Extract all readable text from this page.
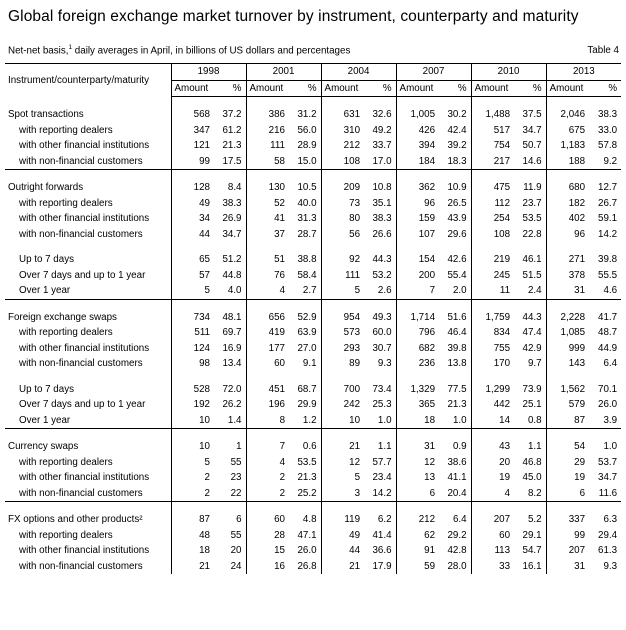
Global foreign exchange market turnover by instrument, counterparty and maturity
Net-net basis,$^1$ daily averages in April, in billions of US dollars and percentages	Table 4
Instrument/counterparty/maturity	1998		2001		2004		2007		2010		2013	
	Amount	%	Amount	%	Amount	%	Amount	%	Amount	%	Amount	%

Spot transactions	568	37.2	386	31.2	631	32.6	1,005	30.2	1,488	37.5	2,046	38.3
with reporting dealers	347	61.2	216	56.0	310	49.2	426	42.4	517	34.7	675	33.0
with other financial institutions	121	21.3	111	28.9	212	33.7	394	39.2	754	50.7	1,183	57.8
with non-financial customers	99	17.5	58	15.0	108	17.0	184	18.3	217	14.6	188	9.2

Outright forwards	128	8.4	130	10.5	209	10.8	362	10.9	475	11.9	680	12.7
with reporting dealers	49	38.3	52	40.0	73	35.1	96	26.5	112	23.7	182	26.7
with other financial institutions	34	26.9	41	31.3	80	38.3	159	43.9	254	53.5	402	59.1
with non-financial customers	44	34.7	37	28.7	56	26.6	107	29.6	108	22.8	96	14.2

Up to 7 days	65	51.2	51	38.8	92	44.3	154	42.6	219	46.1	271	39.8
Over 7 days and up to 1 year	57	44.8	76	58.4	111	53.2	200	55.4	245	51.5	378	55.5
Over 1 year	5	4.0	4	2.7	5	2.6	7	2.0	11	2.4	31	4.6

Foreign exchange swaps	734	48.1	656	52.9	954	49.3	1,714	51.6	1,759	44.3	2,228	41.7
with reporting dealers	511	69.7	419	63.9	573	60.0	796	46.4	834	47.4	1,085	48.7
with other financial institutions	124	16.9	177	27.0	293	30.7	682	39.8	755	42.9	999	44.9
with non-financial customers	98	13.4	60	9.1	89	9.3	236	13.8	170	9.7	143	6.4

Up to 7 days	528	72.0	451	68.7	700	73.4	1,329	77.5	1,299	73.9	1,562	70.1
Over 7 days and up to 1 year	192	26.2	196	29.9	242	25.3	365	21.3	442	25.1	579	26.0
Over 1 year	10	1.4	8	1.2	10	1.0	18	1.0	14	0.8	87	3.9

Currency swaps	10	1	7	0.6	21	1.1	31	0.9	43	1.1	54	1.0
with reporting dealers	5	55	4	53.5	12	57.7	12	38.6	20	46.8	29	53.7
with other financial institutions	2	23	2	21.3	5	23.4	13	41.1	19	45.0	19	34.7
with non-financial customers	2	22	2	25.2	3	14.2	6	20.4	4	8.2	6	11.6

FX options and other products²	87	6	60	4.8	119	6.2	212	6.4	207	5.2	337	6.3
with reporting dealers	48	55	28	47.1	49	41.4	62	29.2	60	29.1	99	29.4
with other financial institutions	18	20	15	26.0	44	36.6	91	42.8	113	54.7	207	61.3
with non-financial customers	21	24	16	26.8	21	17.9	59	28.0	33	16.1	31	9.3
